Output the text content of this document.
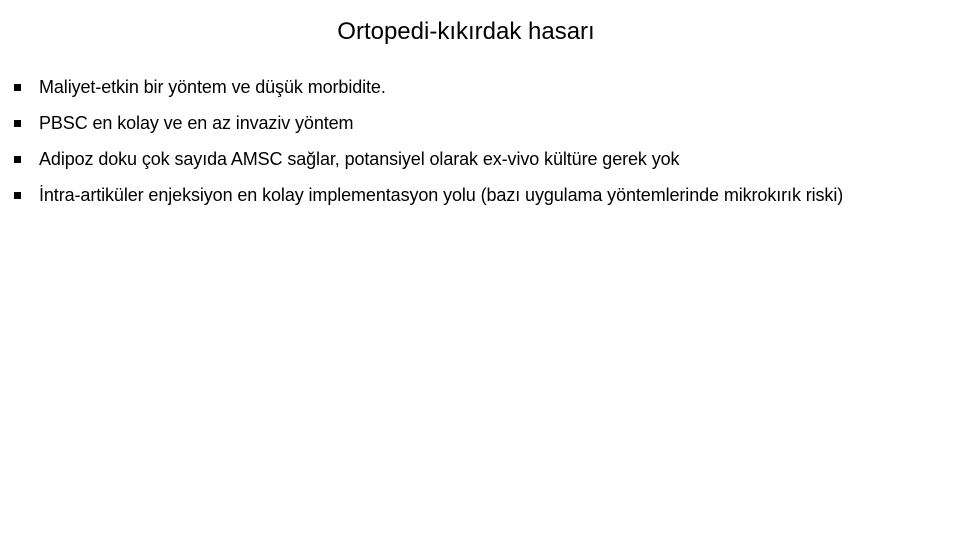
Ortopedi-kıkırdak hasarı
Maliyet-etkin bir yöntem ve düşük morbidite.
PBSC en kolay ve en az invaziv yöntem
Adipoz doku çok sayıda AMSC sağlar, potansiyel olarak ex-vivo kültüre gerek yok
İntra-artiküler enjeksiyon en kolay implementasyon yolu (bazı uygulama yöntemlerinde mikrokırık riski)
